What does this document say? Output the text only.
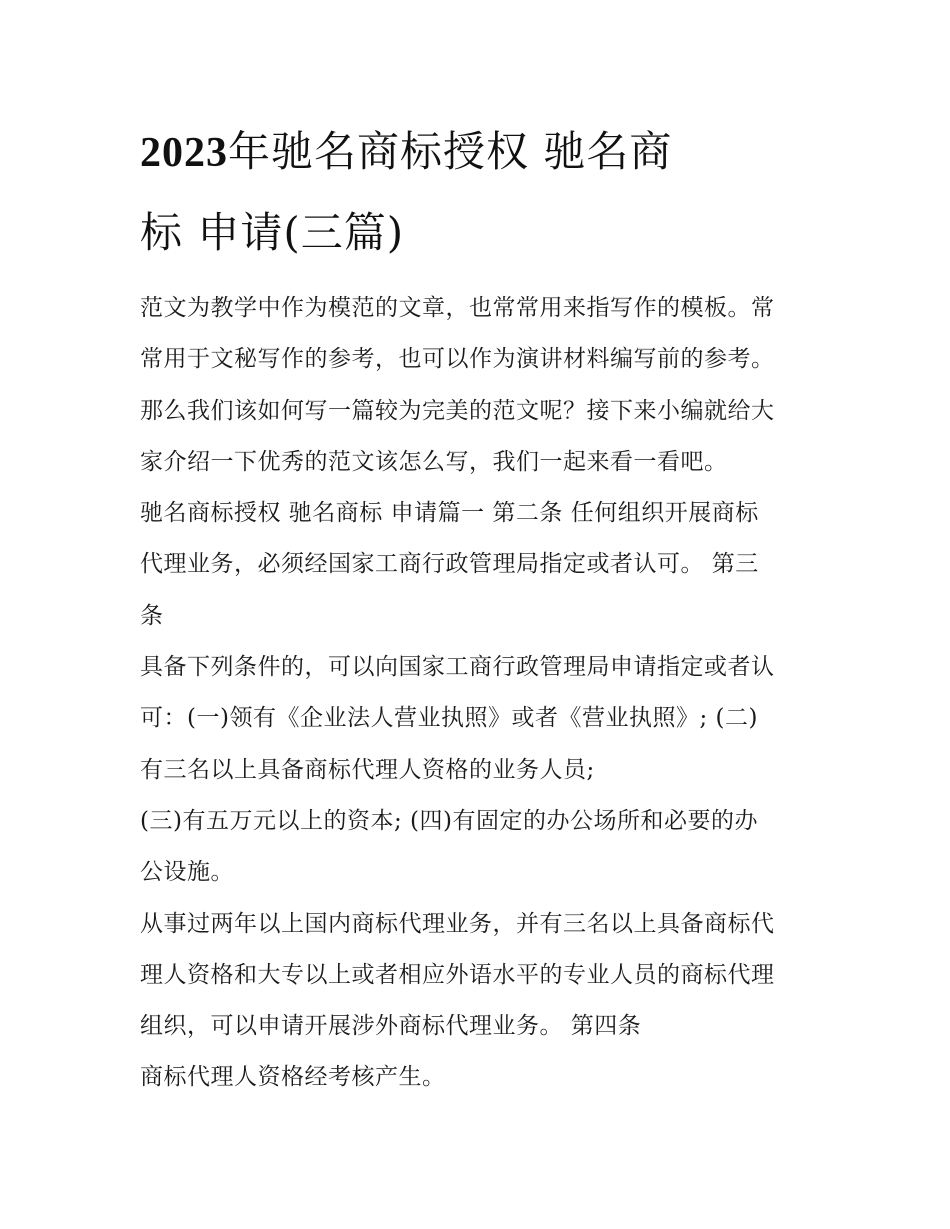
2023年驰名商标授权 驰名商
标 申请(三篇)

范文为教学中作为模范的文章，也常常用来指写作的模板。常
常用于文秘写作的参考，也可以作为演讲材料编写前的参考。
那么我们该如何写一篇较为完美的范文呢？接下来小编就给大
家介绍一下优秀的范文该怎么写，我们一起来看一看吧。

驰名商标授权 驰名商标 申请篇一 第二条 任何组织开展商标
代理业务，必须经国家工商行政管理局指定或者认可。 第三
条

具备下列条件的，可以向国家工商行政管理局申请指定或者认
可：(一)领有《企业法人营业执照》或者《营业执照》; (二)
有三名以上具备商标代理人资格的业务人员;

(三)有五万元以上的资本; (四)有固定的办公场所和必要的办
公设施。

从事过两年以上国内商标代理业务，并有三名以上具备商标代
理人资格和大专以上或者相应外语水平的专业人员的商标代理
组织，可以申请开展涉外商标代理业务。 第四条

商标代理人资格经考核产生。
